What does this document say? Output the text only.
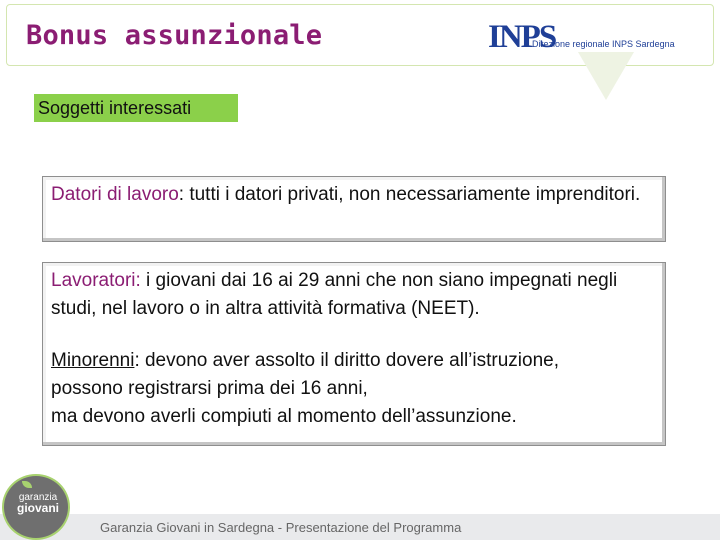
Bonus assunzionale	INPS
Direzione regionale INPS Sardegna
Soggetti interessati
Datori di lavoro: tutti i datori privati, non necessariamente imprenditori.
Lavoratori: i giovani dai 16 ai 29 anni che non siano impegnati negli studi, nel lavoro o in altra attività formativa (NEET).
Minorenni: devono aver assolto il diritto dovere all’istruzione,
possono registrarsi prima dei 16 anni,
ma devono averli compiuti al momento dell’assunzione.
Garanzia Giovani in Sardegna - Presentazione del Programma
garanzia
giovani
